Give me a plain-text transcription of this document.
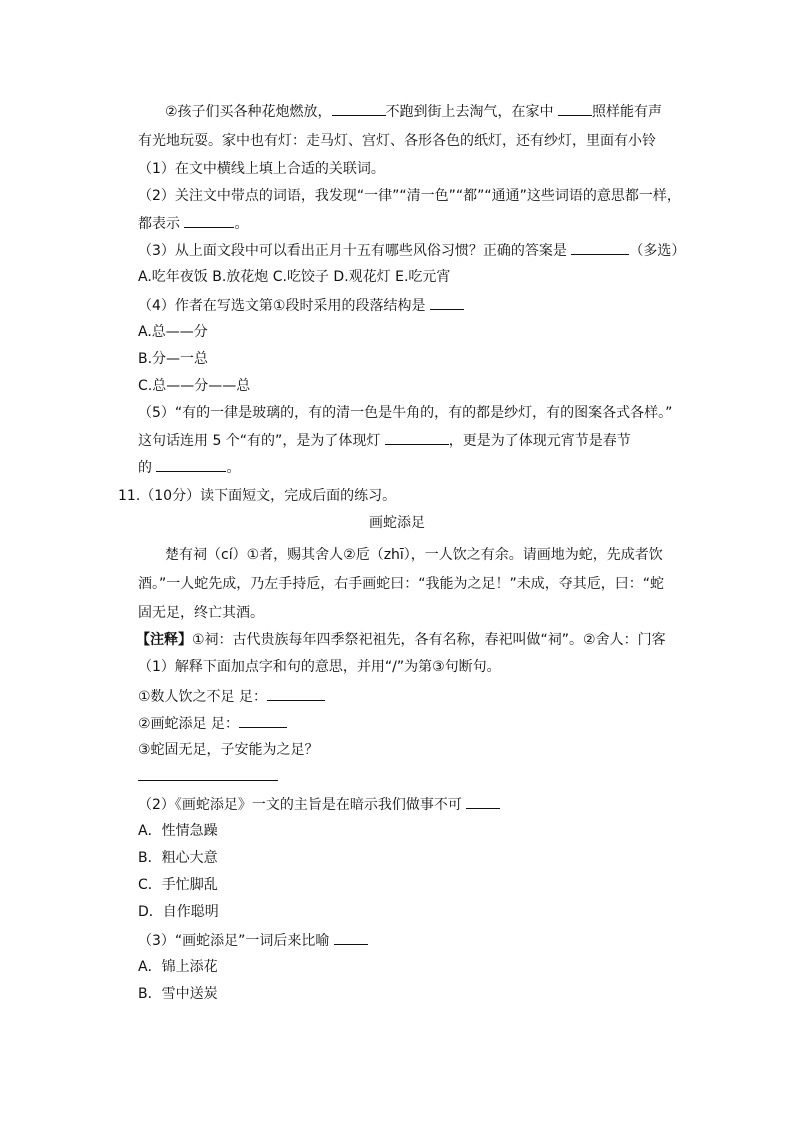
②孩子们买各种花炮燃放，	不跑到街上去淘气，在家中	照样能有声
有光地玩耍。家中也有灯：走马灯、宫灯、各形各色的纸灯，还有纱灯，里面有小铃
（1）在文中横线上填上合适的关联词。
（2）关注文中带点的词语，我发现“一律”“清一色”“都”“通通”这些词语的意思都一样，
都表示	。
（3）从上面文段中可以看出正月十五有哪些风俗习惯？正确的答案是	（多选）
A.吃年夜饭 B.放花炮 C.吃饺子 D.观花灯 E.吃元宵
（4）作者在写选文第①段时采用的段落结构是
A.总——分
B.分—一总
C.总——分——总
（5）“有的一律是玻璃的，有的清一色是牛角的，有的都是纱灯，有的图案各式各样。”
这句话连用 5 个“有的”，是为了体现灯	，更是为了体现元宵节是春节
的	。
11.（10分）读下面短文，完成后面的练习。
画蛇添足
楚有祠（cí）①者，赐其舍人②卮（zhī），一人饮之有余。请画地为蛇，先成者饮
酒。”一人蛇先成，乃左手持卮，右手画蛇曰：“我能为之足！”未成，夺其卮，曰：“蛇
固无足，终亡其酒。
【注释】①祠：古代贵族每年四季祭祀祖先，各有名称，春祀叫做“祠”。②舍人：门客
（1）解释下面加点字和句的意思，并用“/”为第③句断句。
①数人饮之不足 足：
②画蛇添足 足：
③蛇固无足，子安能为之足？
（2）《画蛇添足》一文的主旨是在暗示我们做事不可
A．性情急躁
B．粗心大意
C．手忙脚乱
D．自作聪明
（3）“画蛇添足”一词后来比喻
A．锦上添花
B．雪中送炭
